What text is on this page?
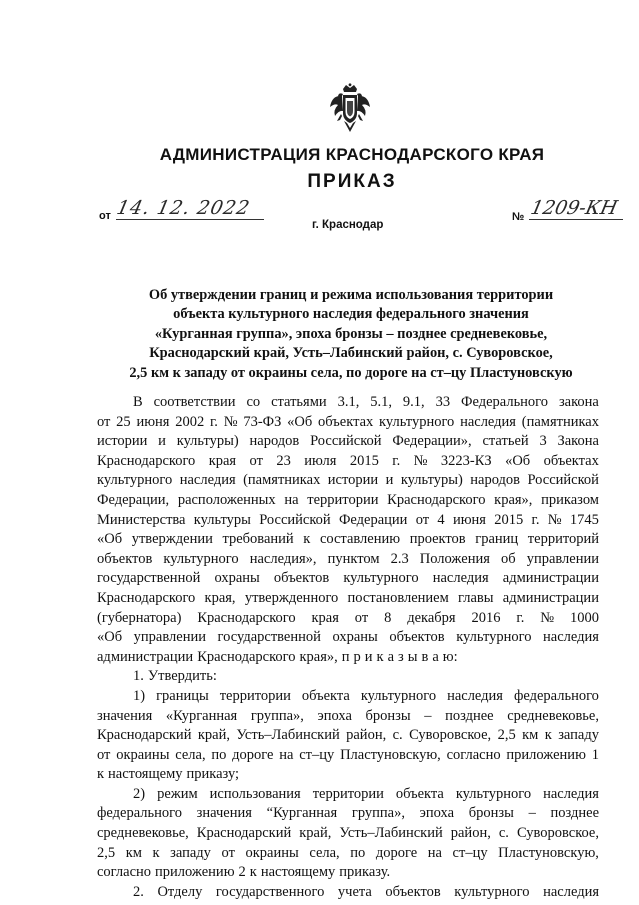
АДМИНИСТРАЦИЯ КРАСНОДАРСКОГО КРАЯ
ПРИКАЗ
от 14. 12. 2022
г. Краснодар
№ 1209-КН
Об утверждении границ и режима использования территории
объекта культурного наследия федерального значения
«Курганная группа», эпоха бронзы – позднее средневековье,
Краснодарский край, Усть–Лабинский район, с. Суворовское,
2,5 км к западу от окраины села, по дороге на ст–цу Пластуновскую
В соответствии со статьями 3.1, 5.1, 9.1, 33 Федерального закона
от 25 июня 2002 г. № 73-ФЗ «Об объектах культурного наследия (памятниках
истории и культуры) народов Российской Федерации», статьей 3 Закона
Краснодарского края от 23 июля 2015 г. № 3223-КЗ «Об объектах
культурного наследия (памятниках истории и культуры) народов Российской
Федерации, расположенных на территории Краснодарского края», приказом
Министерства культуры Российской Федерации от 4 июня 2015 г. № 1745
«Об утверждении требований к составлению проектов границ территорий
объектов культурного наследия», пунктом 2.3 Положения об управлении
государственной охраны объектов культурного наследия администрации
Краснодарского края, утвержденного постановлением главы администрации
(губернатора) Краснодарского края от 8 декабря 2016 г. № 1000
«Об управлении государственной охраны объектов культурного наследия
администрации Краснодарского края», п р и к а з ы в а ю:
1. Утвердить:
1) границы территории объекта культурного наследия федерального
значения «Курганная группа», эпоха бронзы – позднее средневековье,
Краснодарский край, Усть–Лабинский район, с. Суворовское, 2,5 км к западу
от окраины села, по дороге на ст–цу Пластуновскую, согласно приложению 1
к настоящему приказу;
2) режим использования территории объекта культурного наследия
федерального значения “Курганная группа», эпоха бронзы – позднее
средневековье, Краснодарский край, Усть–Лабинский район, с. Суворовское,
2,5 км к западу от окраины села, по дороге на ст–цу Пластуновскую,
согласно приложению 2 к настоящему приказу.
2. Отделу государственного учета объектов культурного наследия
